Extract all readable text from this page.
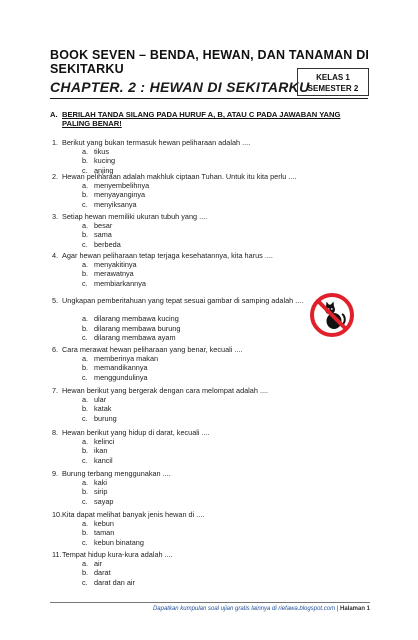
BOOK SEVEN – BENDA, HEWAN, DAN TANAMAN DI SEKITARKU
CHAPTER. 2 : HEWAN DI SEKITARKU
KELAS 1
SEMESTER 2
A. BERILAH TANDA SILANG PADA HURUF A, B, ATAU C PADA JAWABAN YANG PALING BENAR!
1. Berikut yang bukan termasuk hewan peliharaan adalah ....
a. tikus
b. kucing
c. anjing
2. Hewan peliharaan adalah makhluk ciptaan Tuhan. Untuk itu kita perlu ....
a. menyembelihnya
b. menyayanginya
c. menyiksanya
3. Setiap hewan memiliki ukuran tubuh yang ....
a. besar
b. sama
c. berbeda
4. Agar hewan peliharaan tetap terjaga kesehatannya, kita harus ....
a. menyakitinya
b. merawatnya
c. membiarkannya
5. Ungkapan pemberitahuan yang tepat sesuai gambar di samping adalah ....
a. dilarang membawa kucing
b. dilarang membawa burung
c. dilarang membawa ayam
6. Cara merawat hewan peliharaan yang benar, kecuali ....
a. memberinya makan
b. memandikannya
c. menggundulinya
7. Hewan berikut yang bergerak dengan cara melompat adalah ....
a. ular
b. katak
c. burung
8. Hewan berikut yang hidup di darat, kecuali ....
a. kelinci
b. ikan
c. kancil
9. Burung terbang menggunakan ....
a. kaki
b. sirip
c. sayap
10. Kita dapat melihat banyak jenis hewan di ....
a. kebun
b. taman
c. kebun binatang
11. Tempat hidup kura-kura adalah ....
a. air
b. darat
c. darat dan air
Dapatkan kumpulan soal ujian gratis lainnya di riefawa.blogspot.com | Halaman 1
